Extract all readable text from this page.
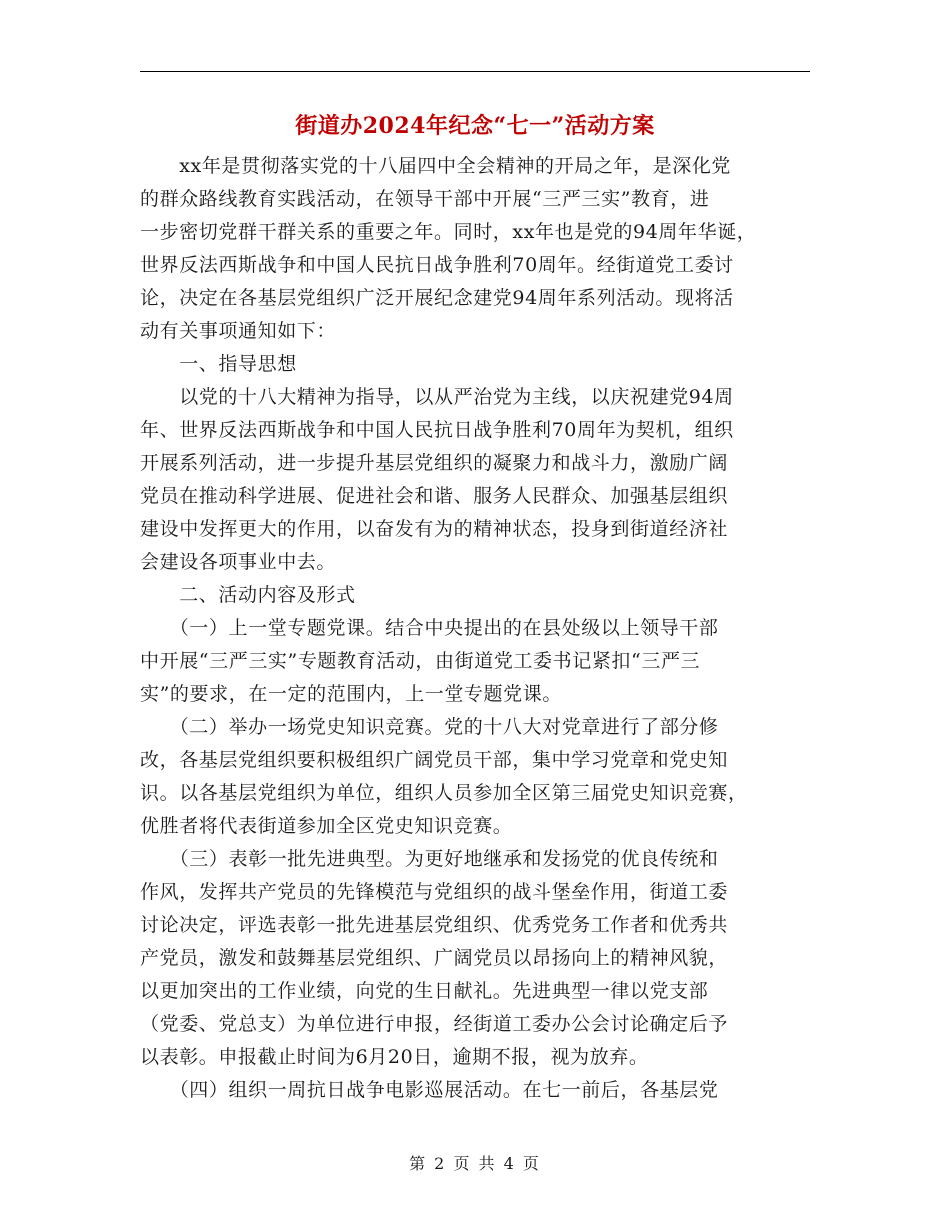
街道办2024年纪念“七一”活动方案
　　xx年是贯彻落实党的十八届四中全会精神的开局之年，是深化党
的群众路线教育实践活动，在领导干部中开展“三严三实”教育，进
一步密切党群干群关系的重要之年。同时，xx年也是党的94周年华诞，
世界反法西斯战争和中国人民抗日战争胜利70周年。经街道党工委讨
论，决定在各基层党组织广泛开展纪念建党94周年系列活动。现将活
动有关事项通知如下：
　　一、指导思想
　　以党的十八大精神为指导，以从严治党为主线，以庆祝建党94周
年、世界反法西斯战争和中国人民抗日战争胜利70周年为契机，组织
开展系列活动，进一步提升基层党组织的凝聚力和战斗力，激励广阔
党员在推动科学进展、促进社会和谐、服务人民群众、加强基层组织
建设中发挥更大的作用，以奋发有为的精神状态，投身到街道经济社
会建设各项事业中去。
　　二、活动内容及形式
　　（一）上一堂专题党课。结合中央提出的在县处级以上领导干部
中开展“三严三实”专题教育活动，由街道党工委书记紧扣“三严三
实”的要求，在一定的范围内，上一堂专题党课。
　　（二）举办一场党史知识竞赛。党的十八大对党章进行了部分修
改，各基层党组织要积极组织广阔党员干部，集中学习党章和党史知
识。以各基层党组织为单位，组织人员参加全区第三届党史知识竞赛，
优胜者将代表街道参加全区党史知识竞赛。
　　（三）表彰一批先进典型。为更好地继承和发扬党的优良传统和
作风，发挥共产党员的先锋模范与党组织的战斗堡垒作用，街道工委
讨论决定，评选表彰一批先进基层党组织、优秀党务工作者和优秀共
产党员，激发和鼓舞基层党组织、广阔党员以昂扬向上的精神风貌，
以更加突出的工作业绩，向党的生日献礼。先进典型一律以党支部
（党委、党总支）为单位进行申报，经街道工委办公会讨论确定后予
以表彰。申报截止时间为6月20日，逾期不报，视为放弃。
　　（四）组织一周抗日战争电影巡展活动。在七一前后，各基层党
第 2 页 共 4 页
